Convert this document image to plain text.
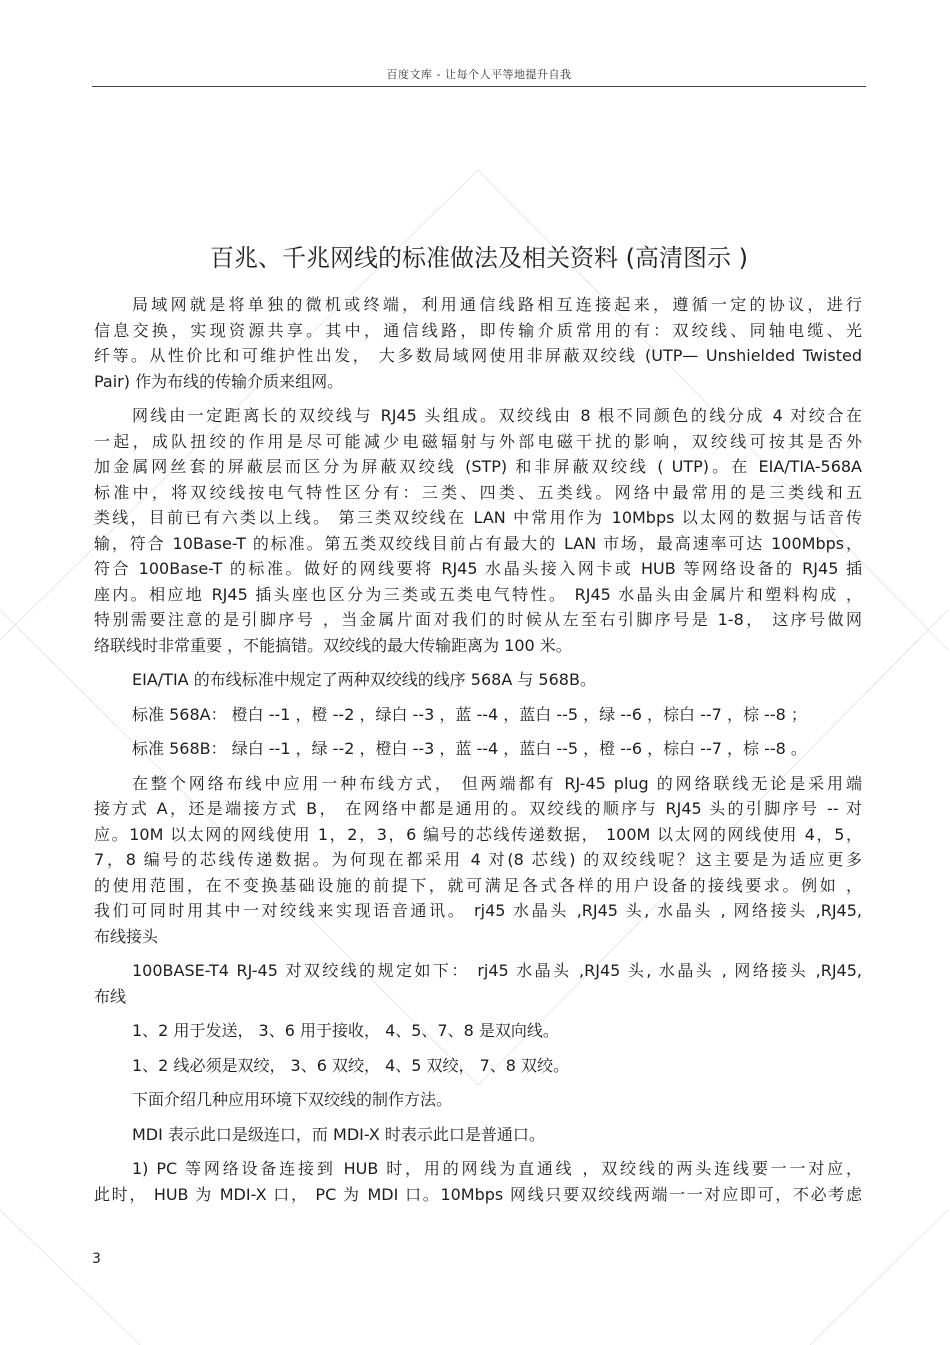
百度文库 - 让每个人平等地提升自我
百兆、千兆网线的标准做法及相关资料 (高清图示 )
局域网就是将单独的微机或终端，利用通信线路相互连接起来，遵循一定的协议，进行
信息交换，实现资源共享。其中，通信线路，即传输介质常用的有：双绞线、同轴电缆、光
纤等。从性价比和可维护性出发， 大多数局域网使用非屏蔽双绞线 (UTP— Unshielded Twisted
Pair) 作为布线的传输介质来组网。
网线由一定距离长的双绞线与 RJ45 头组成。双绞线由 8 根不同颜色的线分成 4 对绞合在
一起，成队扭绞的作用是尽可能减少电磁辐射与外部电磁干扰的影响，双绞线可按其是否外
加金属网丝套的屏蔽层而区分为屏蔽双绞线 (STP) 和非屏蔽双绞线 ( UTP)。在 EIA/TIA-568A
标准中，将双绞线按电气特性区分有：三类、四类、五类线。网络中最常用的是三类线和五
类线，目前已有六类以上线。 第三类双绞线在 LAN 中常用作为 10Mbps 以太网的数据与话音传
输，符合 10Base-T 的标准。第五类双绞线目前占有最大的 LAN 市场，最高速率可达 100Mbps，
符合 100Base-T 的标准。做好的网线要将 RJ45 水晶头接入网卡或 HUB 等网络设备的 RJ45 插
座内。相应地 RJ45 插头座也区分为三类或五类电气特性。 RJ45 水晶头由金属片和塑料构成 ，
特别需要注意的是引脚序号 ，当金属片面对我们的时候从左至右引脚序号是 1-8， 这序号做网
络联线时非常重要 ，不能搞错。双绞线的最大传输距离为 100 米。
EIA/TIA 的布线标准中规定了两种双绞线的线序 568A 与 568B。
标准 568A： 橙白 --1 ，橙 --2 ，绿白 --3 ，蓝 --4 ，蓝白 --5 ，绿 --6 ，棕白 --7 ，棕 --8 ；
标准 568B： 绿白 --1 ，绿 --2 ，橙白 --3 ，蓝 --4 ，蓝白 --5 ，橙 --6 ，棕白 --7 ，棕 --8 。
在整个网络布线中应用一种布线方式， 但两端都有 RJ-45 plug 的网络联线无论是采用端
接方式 A，还是端接方式 B， 在网络中都是通用的。双绞线的顺序与 RJ45 头的引脚序号 -- 对
应。10M 以太网的网线使用 1，2，3，6 编号的芯线传递数据， 100M 以太网的网线使用 4，5，
7，8 编号的芯线传递数据。为何现在都采用 4 对(8 芯线) 的双绞线呢？这主要是为适应更多
的使用范围，在不变换基础设施的前提下，就可满足各式各样的用户设备的接线要求。例如 ，
我们可同时用其中一对绞线来实现语音通讯。 rj45 水晶头 ,RJ45 头, 水晶头 , 网络接头 ,RJ45,
布线接头
100BASE-T4 RJ-45 对双绞线的规定如下： rj45 水晶头 ,RJ45 头, 水晶头 , 网络接头 ,RJ45,
布线
1、2 用于发送， 3、6 用于接收， 4、5、7、8 是双向线。
1、2 线必须是双绞， 3、6 双绞， 4、5 双绞， 7、8 双绞。
下面介绍几种应用环境下双绞线的制作方法。
MDI 表示此口是级连口，而 MDI-X 时表示此口是普通口。
1) PC 等网络设备连接到 HUB 时，用的网线为直通线 ，双绞线的两头连线要一一对应，
此时， HUB 为 MDI-X 口， PC 为 MDI 口。10Mbps 网线只要双绞线两端一一对应即可，不必考虑
3
